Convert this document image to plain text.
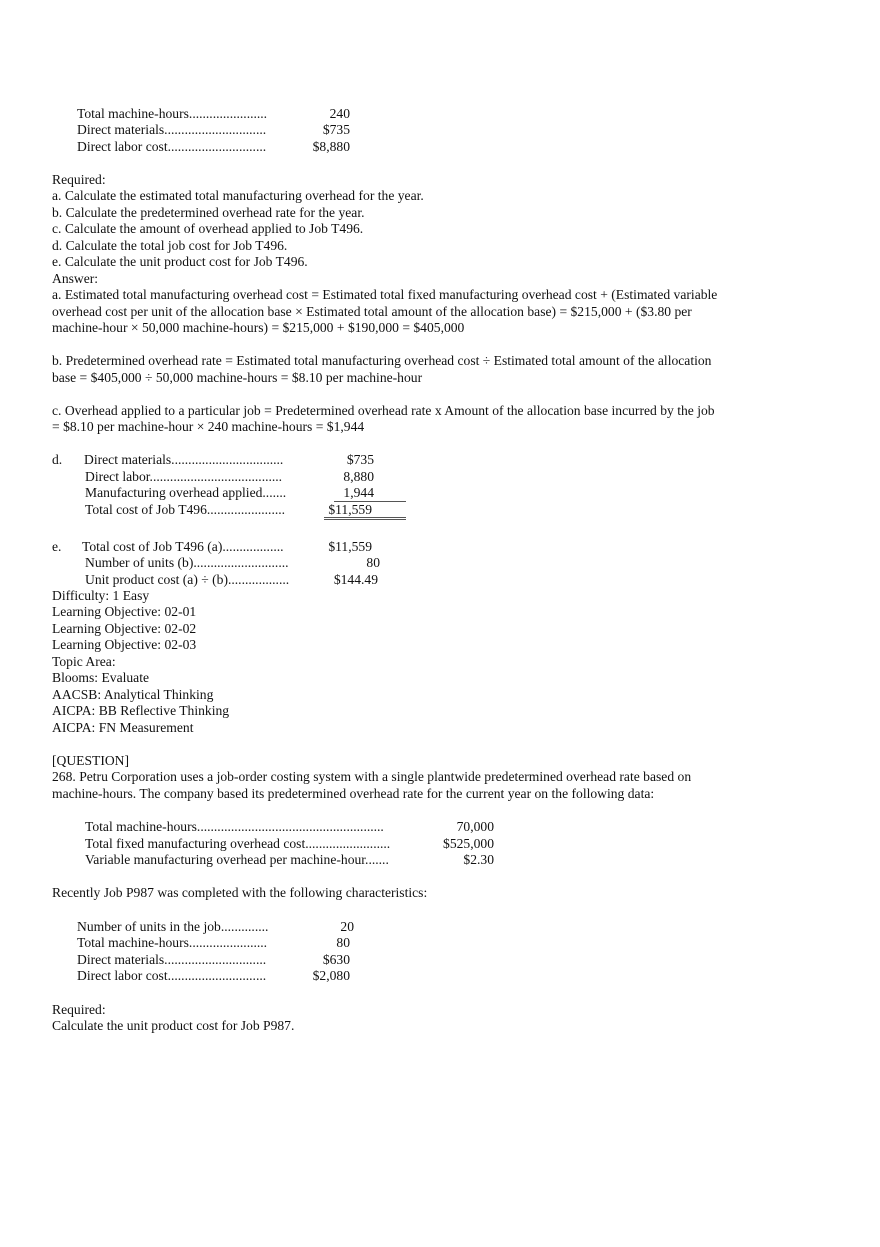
Total machine-hours.......................	240
Direct materials..............................	$735
Direct labor cost.............................	$8,880
Required:
a. Calculate the estimated total manufacturing overhead for the year.
b. Calculate the predetermined overhead rate for the year.
c. Calculate the amount of overhead applied to Job T496.
d. Calculate the total job cost for Job T496.
e. Calculate the unit product cost for Job T496.
Answer:
a. Estimated total manufacturing overhead cost = Estimated total fixed manufacturing overhead cost + (Estimated variable
overhead cost per unit of the allocation base × Estimated total amount of the allocation base) = $215,000 + ($3.80 per
machine-hour × 50,000 machine-hours) = $215,000 + $190,000 = $405,000
b. Predetermined overhead rate = Estimated total manufacturing overhead cost ÷ Estimated total amount of the allocation
base = $405,000 ÷ 50,000 machine-hours = $8.10 per machine-hour
c. Overhead applied to a particular job = Predetermined overhead rate x Amount of the allocation base incurred by the job
= $8.10 per machine-hour × 240 machine-hours = $1,944
d. Direct materials.................................	$735
Direct labor.......................................	8,880
Manufacturing overhead applied.......	1,944
Total cost of Job T496.......................	$11,559
e. Total cost of Job T496 (a)..................	$11,559
Number of units (b)............................	80
Unit product cost (a) ÷ (b)..................	$144.49
Difficulty: 1 Easy
Learning Objective: 02-01
Learning Objective: 02-02
Learning Objective: 02-03
Topic Area:
Blooms: Evaluate
AACSB: Analytical Thinking
AICPA: BB Reflective Thinking
AICPA: FN Measurement
[QUESTION]
268. Petru Corporation uses a job-order costing system with a single plantwide predetermined overhead rate based on
machine-hours. The company based its predetermined overhead rate for the current year on the following data:
Total machine-hours.......................................................	70,000
Total fixed manufacturing overhead cost.........................	$525,000
Variable manufacturing overhead per machine-hour.......	$2.30
Recently Job P987 was completed with the following characteristics:
Number of units in the job..............	20
Total machine-hours.......................	80
Direct materials..............................	$630
Direct labor cost.............................	$2,080
Required:
Calculate the unit product cost for Job P987.
